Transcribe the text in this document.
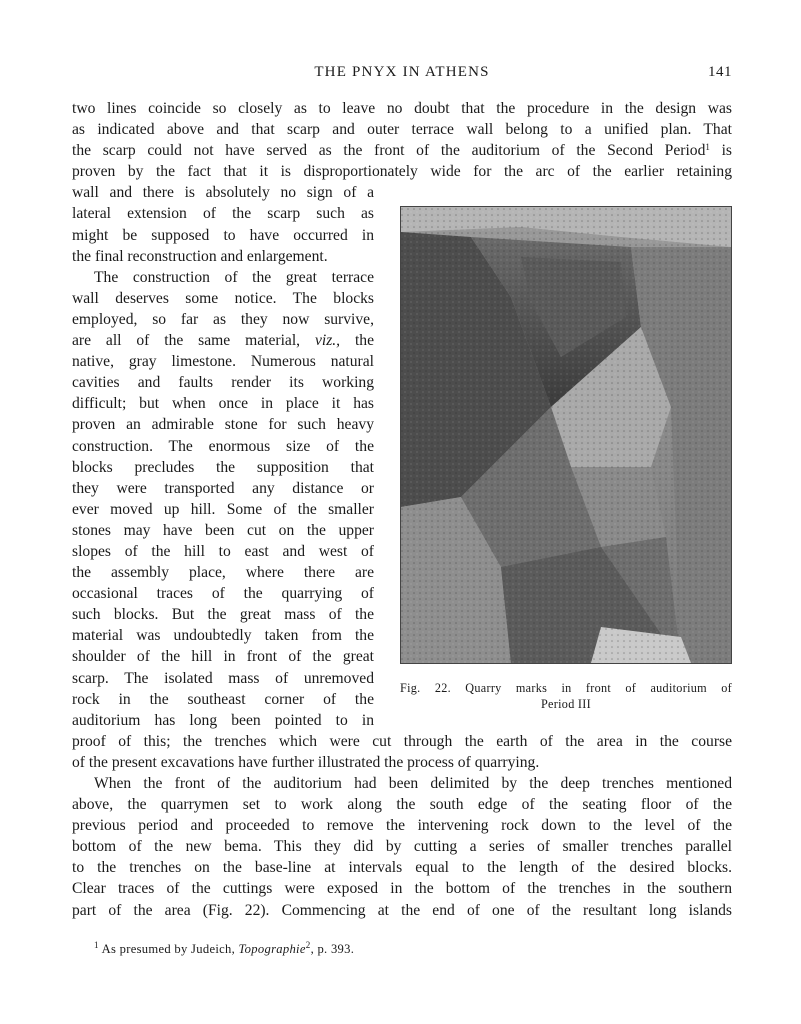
THE PNYX IN ATHENS	141
two lines coincide so closely as to leave no doubt that the procedure in the design was
as indicated above and that scarp and outer terrace wall belong to a unified plan. That
the scarp could not have served as the front of the auditorium of the Second Period$^1$ is
proven by the fact that it is disproportionately wide for the arc of the earlier retaining
wall and there is absolutely no sign of a
lateral extension of the scarp such as
might be supposed to have occurred in
the final reconstruction and enlargement.
The construction of the great terrace
wall deserves some notice. The blocks
employed, so far as they now survive,
are all of the same material, viz., the
native, gray limestone. Numerous natural
cavities and faults render its working
difficult; but when once in place it has
proven an admirable stone for such heavy
construction. The enormous size of the
blocks precludes the supposition that
they were transported any distance or
ever moved up hill. Some of the smaller
stones may have been cut on the upper
slopes of the hill to east and west of
the assembly place, where there are
occasional traces of the quarrying of
such blocks. But the great mass of the
material was undoubtedly taken from the
shoulder of the hill in front of the great
scarp. The isolated mass of unremoved
rock in the southeast corner of the
auditorium has long been pointed to in
proof of this; the trenches which were cut through the earth of the area in the course
of the present excavations have further illustrated the process of quarrying.
When the front of the auditorium had been delimited by the deep trenches mentioned
above, the quarrymen set to work along the south edge of the seating floor of the
previous period and proceeded to remove the intervening rock down to the level of the
bottom of the new bema. This they did by cutting a series of smaller trenches parallel
to the trenches on the base-line at intervals equal to the length of the desired blocks.
Clear traces of the cuttings were exposed in the bottom of the trenches in the southern
part of the area (Fig. 22). Commencing at the end of one of the resultant long islands
Fig. 22. Quarry marks in front of auditorium of
Period III
$^1$ As presumed by Judeich, Topographie$^2$, p. 393.
